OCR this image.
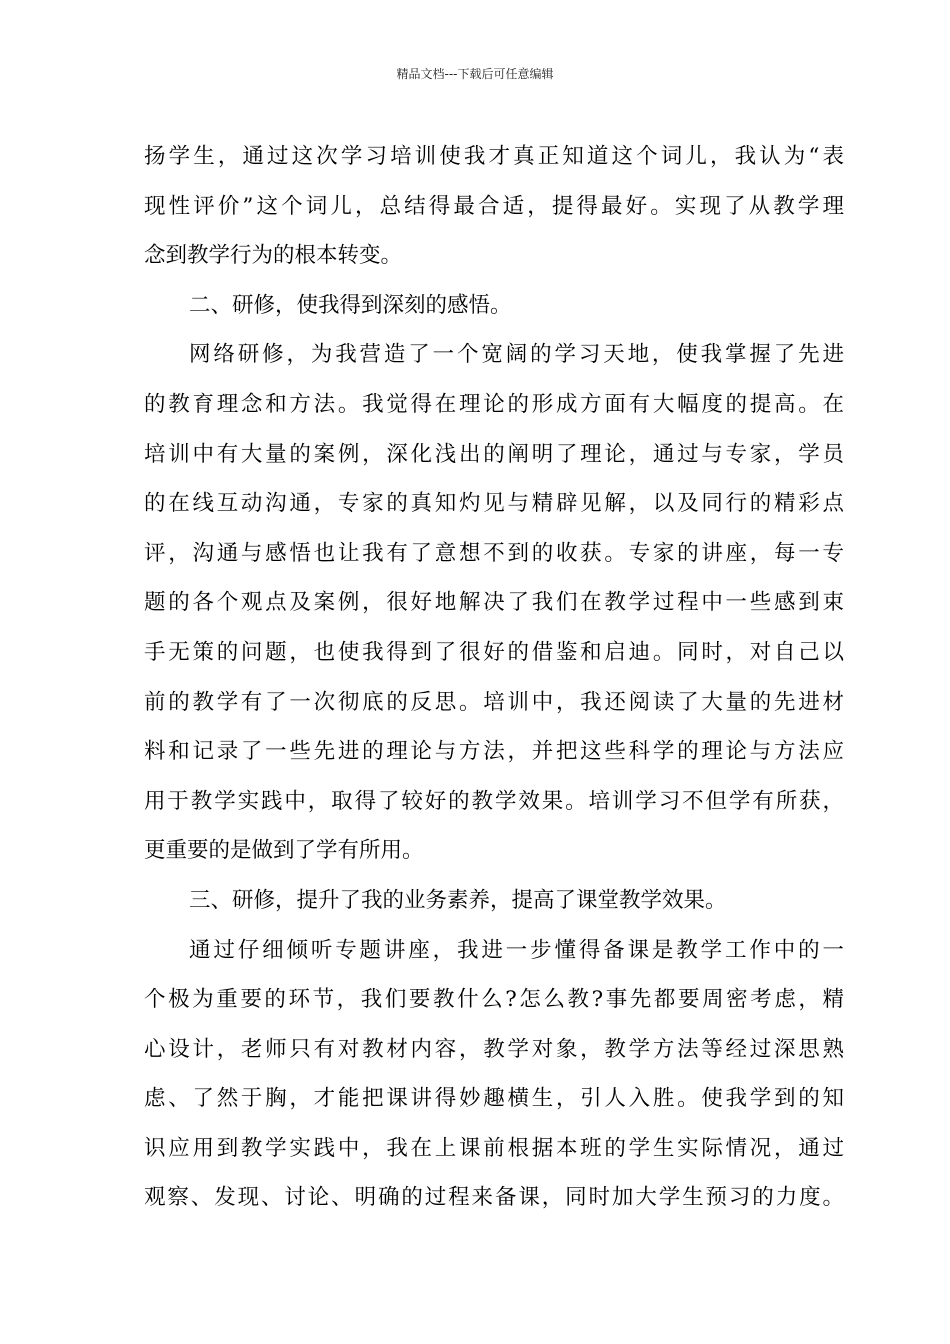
精品文档---下载后可任意编辑
扬学生，通过这次学习培训使我才真正知道这个词儿，我认为“表
现性评价”这个词儿，总结得最合适，提得最好。实现了从教学理
念到教学行为的根本转变。
二、研修，使我得到深刻的感悟。
网络研修，为我营造了一个宽阔的学习天地，使我掌握了先进
的教育理念和方法。我觉得在理论的形成方面有大幅度的提高。在
培训中有大量的案例，深化浅出的阐明了理论，通过与专家，学员
的在线互动沟通，专家的真知灼见与精辟见解，以及同行的精彩点
评，沟通与感悟也让我有了意想不到的收获。专家的讲座，每一专
题的各个观点及案例，很好地解决了我们在教学过程中一些感到束
手无策的问题，也使我得到了很好的借鉴和启迪。同时，对自己以
前的教学有了一次彻底的反思。培训中，我还阅读了大量的先进材
料和记录了一些先进的理论与方法，并把这些科学的理论与方法应
用于教学实践中，取得了较好的教学效果。培训学习不但学有所获，
更重要的是做到了学有所用。
三、研修，提升了我的业务素养，提高了课堂教学效果。
通过仔细倾听专题讲座，我进一步懂得备课是教学工作中的一
个极为重要的环节，我们要教什么?怎么教?事先都要周密考虑，精
心设计，老师只有对教材内容，教学对象，教学方法等经过深思熟
虑、了然于胸，才能把课讲得妙趣横生，引人入胜。使我学到的知
识应用到教学实践中，我在上课前根据本班的学生实际情况，通过
观察、发现、讨论、明确的过程来备课，同时加大学生预习的力度。
